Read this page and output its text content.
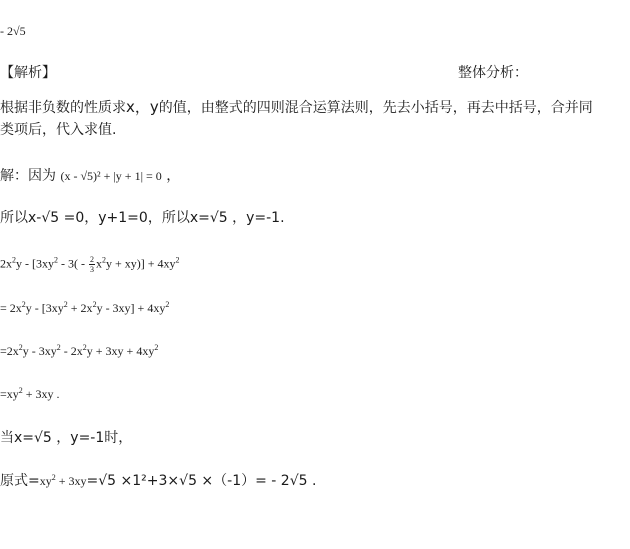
- 2√5
【解析】	整体分析：
根据非负数的性质求x，y的值，由整式的四则混合运算法则，先去小括号，再去中括号，合并同
类项后，代入求值.
解：因为 (x - √5)² + |y + 1| = 0 ，
所以x-√5 =0，y+1=0，所以x=√5 ，y=-1.
$2x^2y - [3xy^2 - 3( - \frac{2}{3} x^2y + xy)] + 4xy^2$
= $2x^2y - [3xy^2 + 2x^2y - 3xy] + 4xy^2$
$=2x^2y - 3xy^2 - 2x^2y + 3xy + 4xy^2$
$=xy^2 + 3xy$ .
当x=√5 ，y=-1时，
原式$=xy^2 + 3xy=√5 \times 1^2+3\times√5 \times(-1)= - 2√5$ .
